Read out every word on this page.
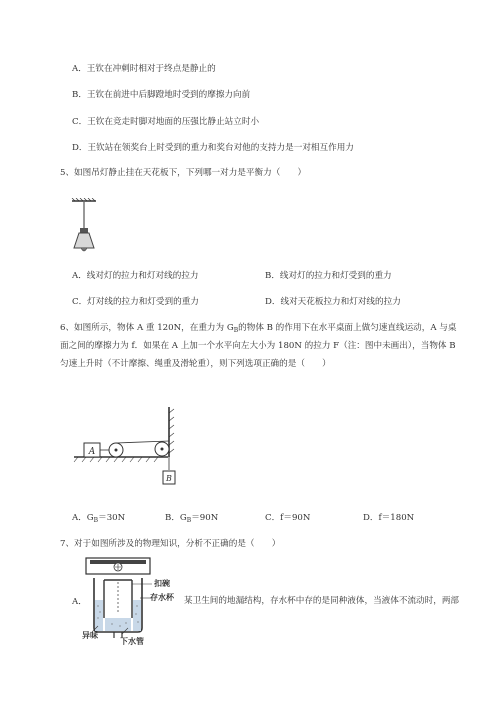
A．王钦在冲刺时相对于终点是静止的
B．王钦在前进中后脚蹬地时受到的摩擦力向前
C．王钦在竞走时脚对地面的压强比静止站立时小
D．王钦站在领奖台上时受到的重力和奖台对他的支持力是一对相互作用力
5、如图吊灯静止挂在天花板下，下列哪一对力是平衡力（　　）
A．线对灯的拉力和灯对线的拉力	B．线对灯的拉力和灯受到的重力
C．灯对线的拉力和灯受到的重力	D．线对天花板拉力和灯对线的拉力
6、如图所示，物体 A 重 120N，在重力为 $G_B$的物体 B 的作用下在水平桌面上做匀速直线运动，A 与桌
面之间的摩擦力为 f．如果在 A 上加一个水平向左大小为 180N 的拉力 F（注：图中未画出），当物体 B
匀速上升时（不计摩擦、绳重及滑轮重），则下列选项正确的是（　　）
A
B
A．$G_B=30N$	B．$G_B=90N$	C．f＝90N	D．f＝180N
7、对于如图所涉及的物理知识，分析不正确的是（　　）
A．
扣碗
存水杯 某卫生间的地漏结构，存水杯中存的是同种液体，当液体不流动时，两部
异味
下水管
